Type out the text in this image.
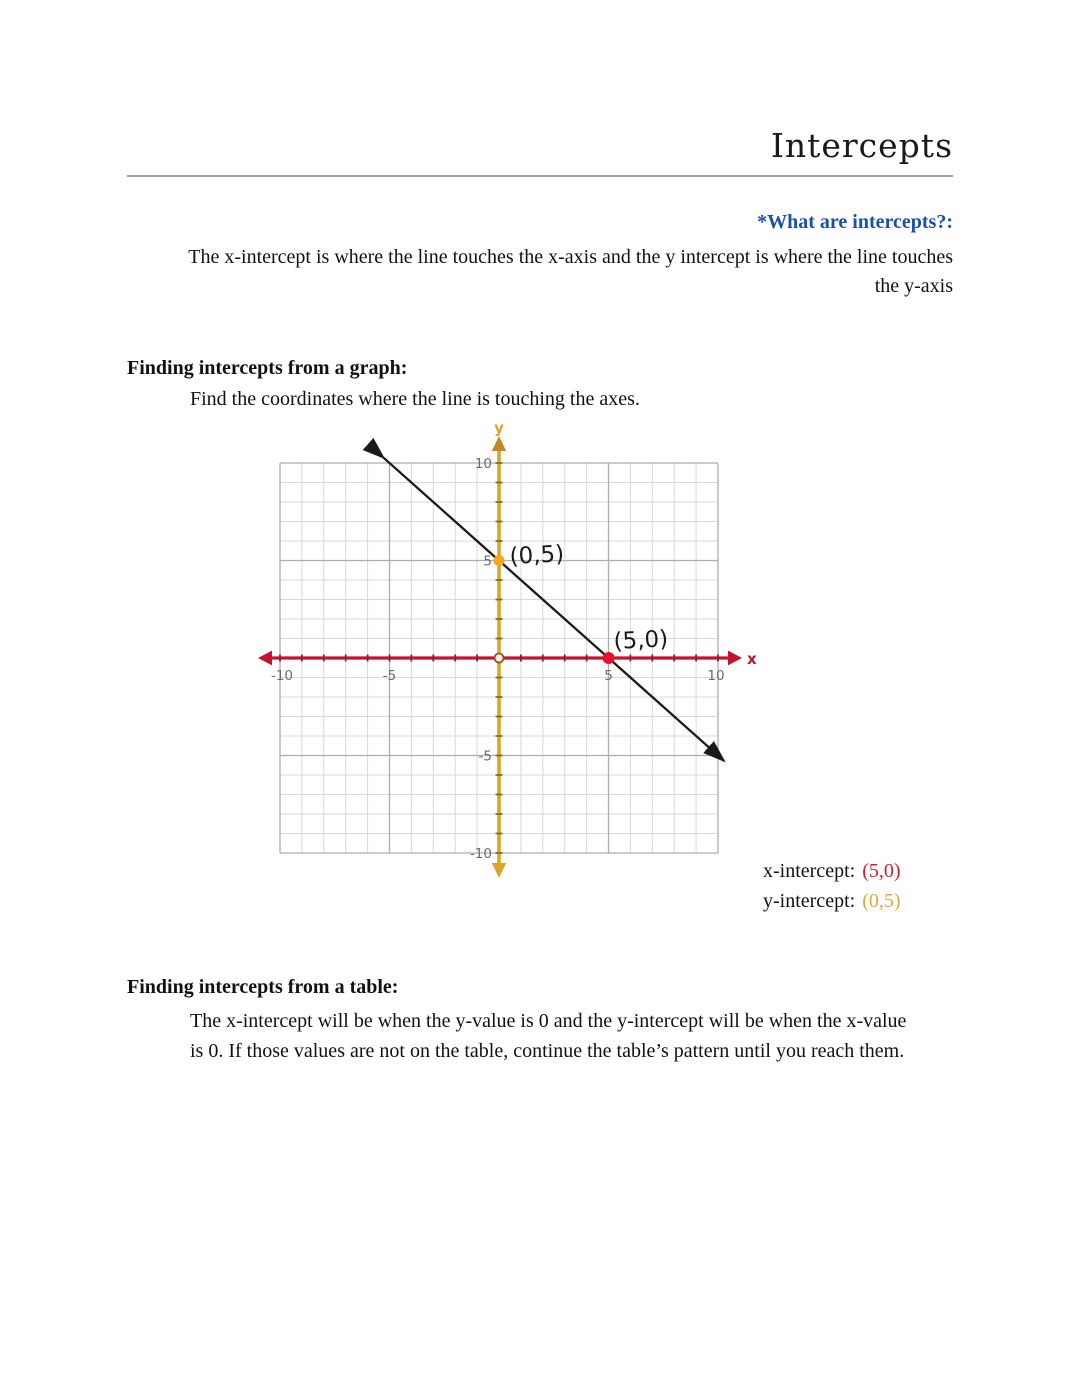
Intercepts
*What are intercepts?:
The x-intercept is where the line touches the x-axis and the y intercept is where the line touches
the y-axis
Finding intercepts from a graph:
Find the coordinates where the line is touching the axes.
x
y
-10	-5	5	10
10
5
-5
-10
(0,5)
(5,0)
x-intercept: (5,0)
y-intercept: (0,5)
Finding intercepts from a table:
The x-intercept will be when the y-value is 0 and the y-intercept will be when the x-value
is 0. If those values are not on the table, continue the table’s pattern until you reach them.
